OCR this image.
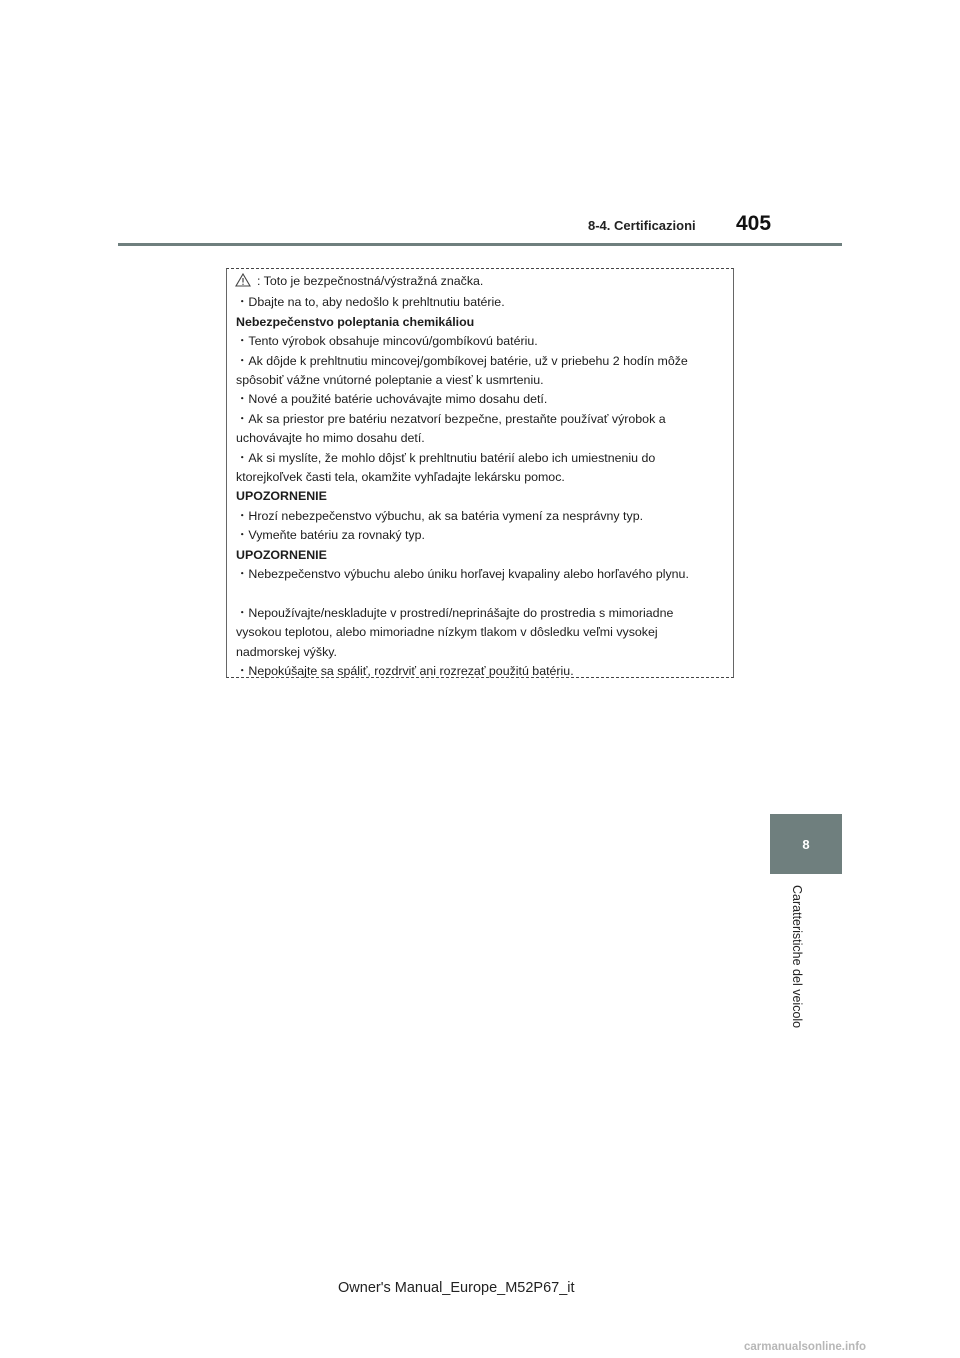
8-4. Certificazioni 405
: Toto je bezpečnostná/výstražná značka.
・Dbajte na to, aby nedošlo k prehltnutiu batérie.
Nebezpečenstvo poleptania chemikáliou
・Tento výrobok obsahuje mincovú/gombíkovú batériu.
・Ak dôjde k prehltnutiu mincovej/gombíkovej batérie, už v priebehu 2 hodín môže
spôsobiť vážne vnútorné poleptanie a viesť k usmrteniu.
・Nové a použité batérie uchovávajte mimo dosahu detí.
・Ak sa priestor pre batériu nezatvorí bezpečne, prestaňte používať výrobok a
uchovávajte ho mimo dosahu detí.
・Ak si myslíte, že mohlo dôjsť k prehltnutiu batérií alebo ich umiestneniu do
ktorejkoľvek časti tela, okamžite vyhľadajte lekársku pomoc.
UPOZORNENIE
・Hrozí nebezpečenstvo výbuchu, ak sa batéria vymení za nesprávny typ.
・Vymeňte batériu za rovnaký typ.
UPOZORNENIE
・Nebezpečenstvo výbuchu alebo úniku horľavej kvapaliny alebo horľavého plynu.
・Nepoužívajte/neskladujte v prostredí/neprinášajte do prostredia s mimoriadne
vysokou teplotou, alebo mimoriadne nízkym tlakom v dôsledku veľmi vysokej
nadmorskej výšky.
・Nepokúšajte sa spáliť, rozdrviť ani rozrezať použitú batériu.
8
Caratteristiche del veicolo
Owner's Manual_Europe_M52P67_it
carmanualsonline.info
